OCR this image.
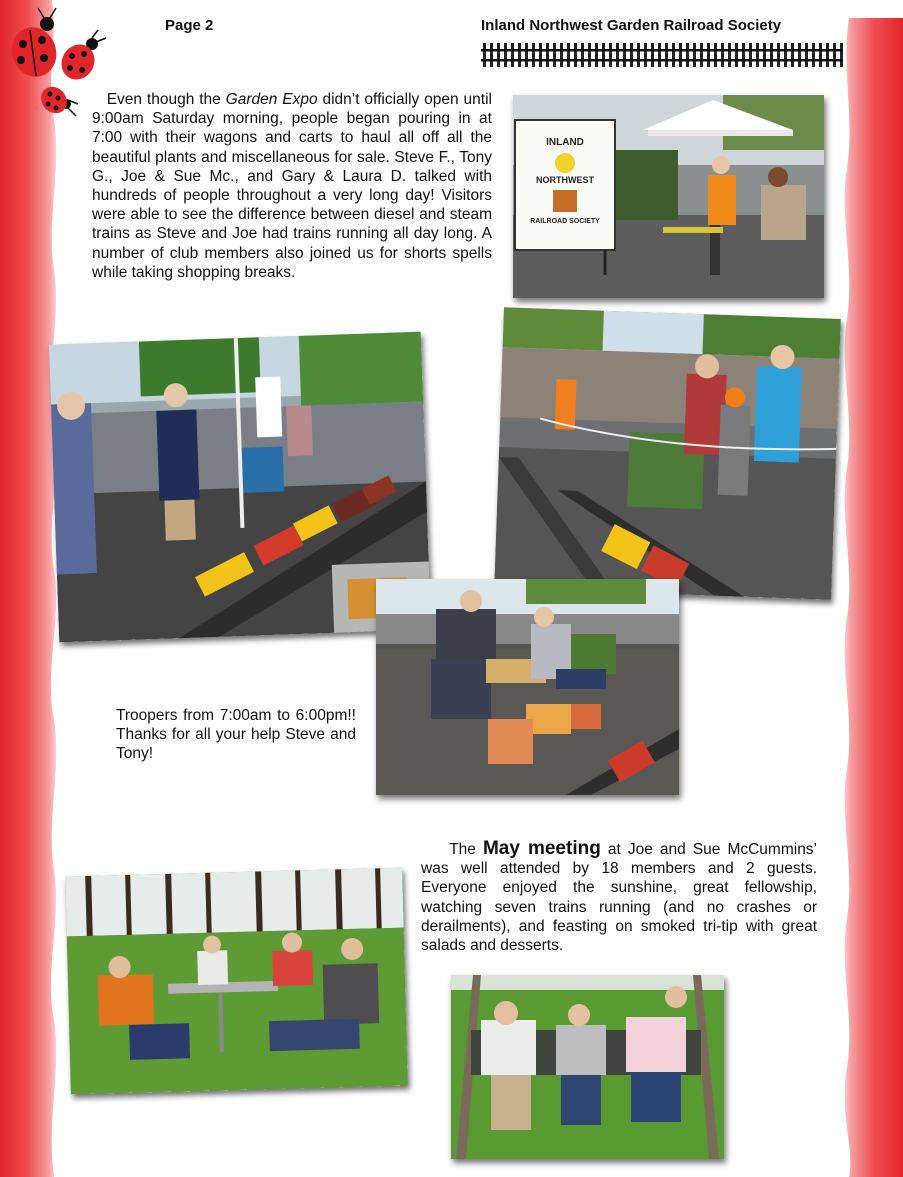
Page 2	Inland Northwest Garden Railroad Society

Even though the Garden Expo didn’t officially open until 9:00am Saturday morning, people began pouring in at 7:00 with their wagons and carts to haul all off all the beautiful plants and miscellaneous for sale. Steve F., Tony G., Joe & Sue Mc., and Gary & Laura D. talked with hundreds of people throughout a very long day! Visitors were able to see the difference between diesel and steam trains as Steve and Joe had trains running all day long. A number of club members also joined us for shorts spells while taking shopping breaks.

INLAND
NORTHWEST
RAILROAD SOCIETY
Troopers from 7:00am to 6:00pm!! Thanks for all your help Steve and Tony!

The May meeting at Joe and Sue McCummins’ was well attended by 18 members and 2 guests. Everyone enjoyed the sunshine, great fellowship, watching seven trains running (and no crashes or derailments), and feasting on smoked tri-tip with great salads and desserts.
